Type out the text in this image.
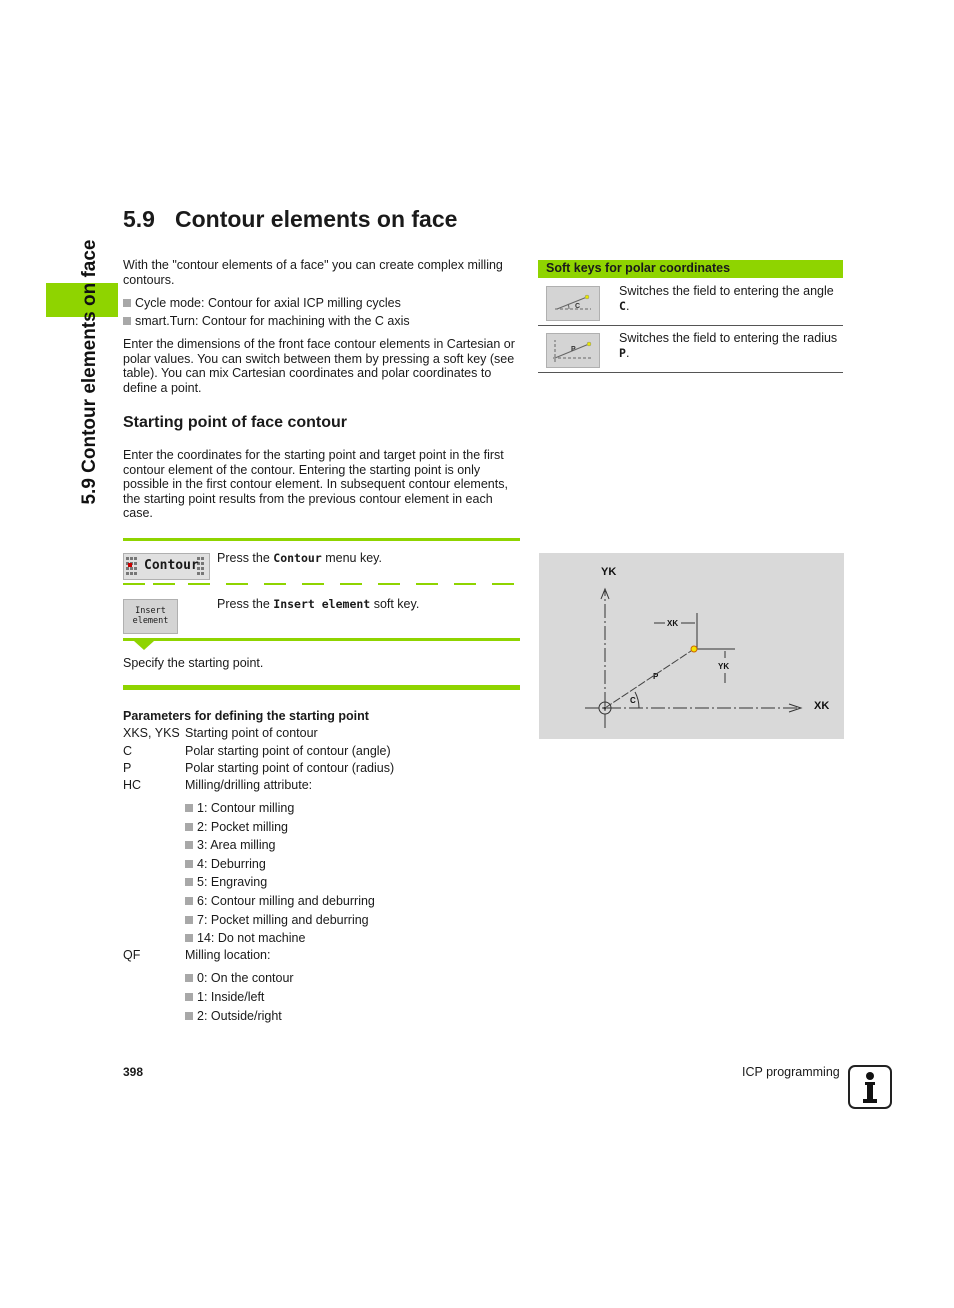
5.9 Contour elements on face
5.9 Contour elements on face
With the "contour elements of a face" you can create complex milling contours.
Cycle mode: Contour for axial ICP milling cycles
smart.Turn: Contour for machining with the C axis
Enter the dimensions of the front face contour elements in Cartesian or polar values. You can switch between them by pressing a soft key (see table). You can mix Cartesian coordinates and polar coordinates to define a point.
Starting point of face contour
Enter the coordinates for the starting point and target point in the first contour element of the contour. Entering the starting point is only possible in the first contour element. In subsequent contour elements, the starting point results from the previous contour element in each case.
Contour Press the Contour menu key.
Insert
element
Press the Insert element soft key.
Specify the starting point.
Soft keys for polar coordinates
C
Switches the field to entering the angle C.
P
Switches the field to entering the radius P.
YK
XK
XK
YK
P
C
Parameters for defining the starting point
XKS, YKS Starting point of contour
C	Polar starting point of contour (angle)
P	Polar starting point of contour (radius)
HC	Milling/drilling attribute:
1: Contour milling
2: Pocket milling
3: Area milling
4: Deburring
5: Engraving
6: Contour milling and deburring
7: Pocket milling and deburring
14: Do not machine
QF	Milling location:
0: On the contour
1: Inside/left
2: Outside/right
398	ICP programming
